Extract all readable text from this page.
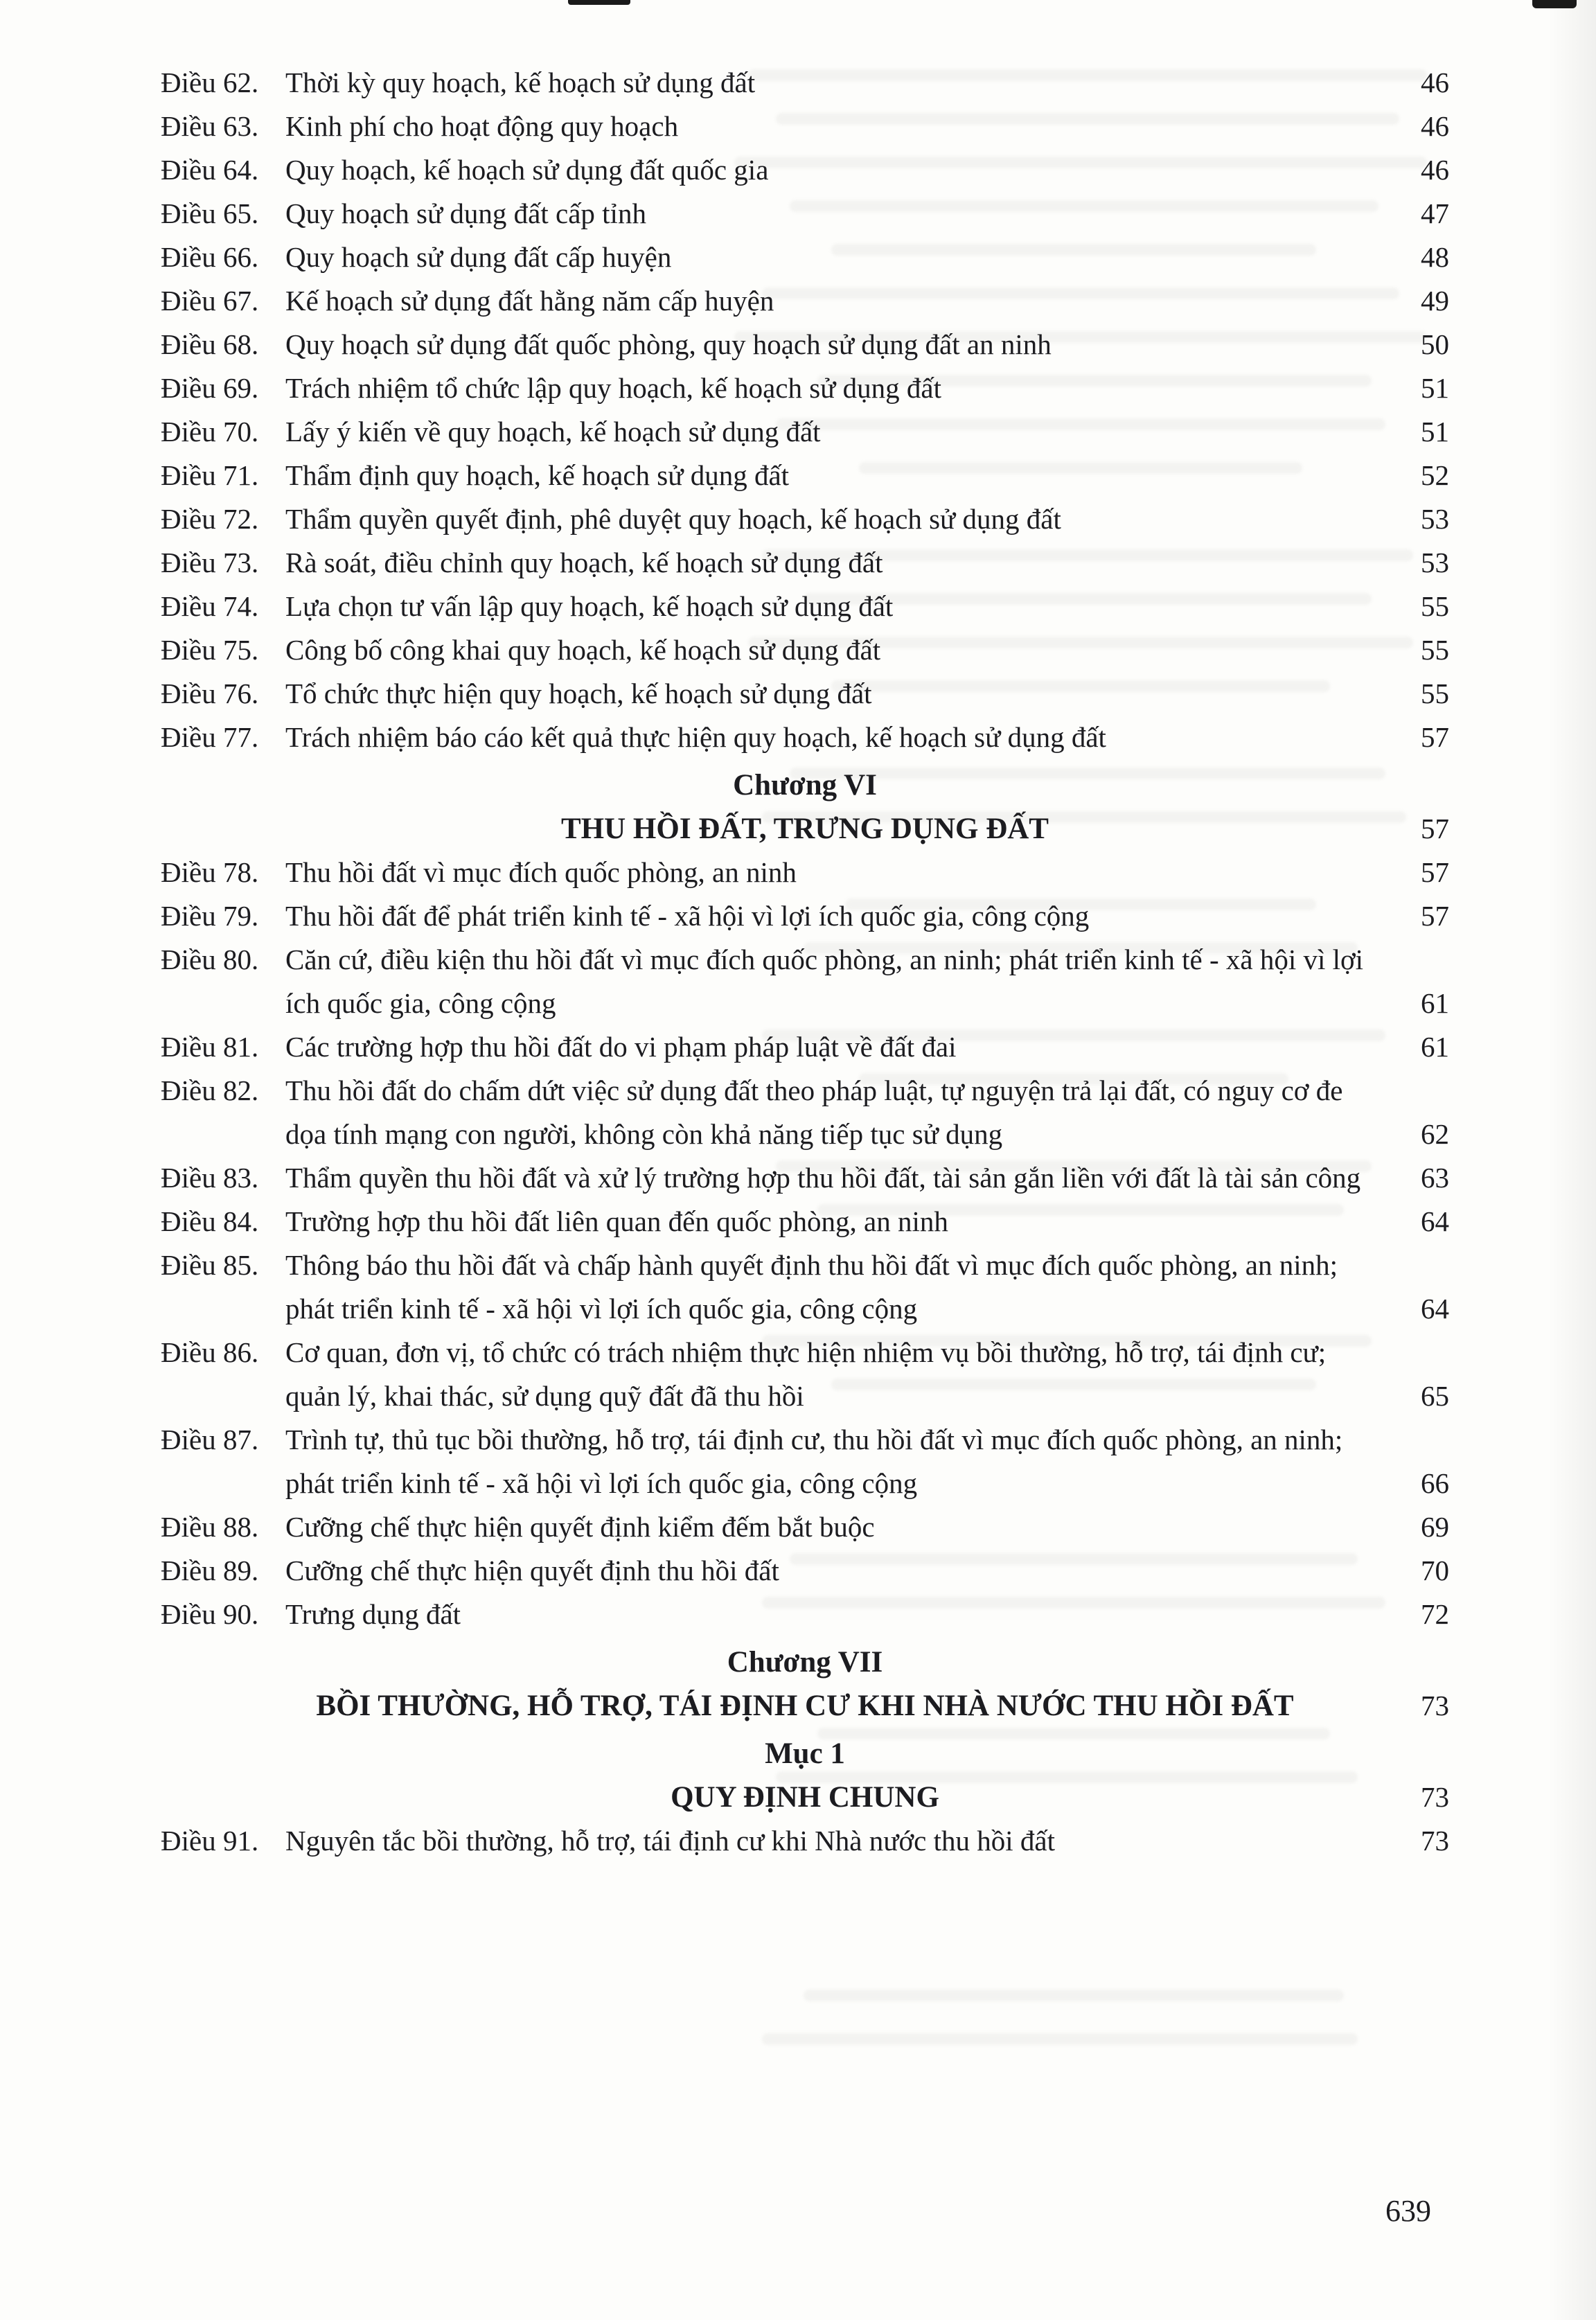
Điều 62. Thời kỳ quy hoạch, kế hoạch sử dụng đất	46
Điều 63. Kinh phí cho hoạt động quy hoạch	46
Điều 64. Quy hoạch, kế hoạch sử dụng đất quốc gia	46
Điều 65. Quy hoạch sử dụng đất cấp tỉnh	47
Điều 66. Quy hoạch sử dụng đất cấp huyện	48
Điều 67. Kế hoạch sử dụng đất hằng năm cấp huyện	49
Điều 68. Quy hoạch sử dụng đất quốc phòng, quy hoạch sử dụng đất an ninh	50
Điều 69. Trách nhiệm tổ chức lập quy hoạch, kế hoạch sử dụng đất	51
Điều 70. Lấy ý kiến về quy hoạch, kế hoạch sử dụng đất	51
Điều 71. Thẩm định quy hoạch, kế hoạch sử dụng đất	52
Điều 72. Thẩm quyền quyết định, phê duyệt quy hoạch, kế hoạch sử dụng đất	53
Điều 73. Rà soát, điều chỉnh quy hoạch, kế hoạch sử dụng đất	53
Điều 74. Lựa chọn tư vấn lập quy hoạch, kế hoạch sử dụng đất	55
Điều 75. Công bố công khai quy hoạch, kế hoạch sử dụng đất	55
Điều 76. Tổ chức thực hiện quy hoạch, kế hoạch sử dụng đất	55
Điều 77. Trách nhiệm báo cáo kết quả thực hiện quy hoạch, kế hoạch sử dụng đất	57
Chương VI
THU HỒI ĐẤT, TRƯNG DỤNG ĐẤT	57
Điều 78. Thu hồi đất vì mục đích quốc phòng, an ninh	57
Điều 79. Thu hồi đất để phát triển kinh tế - xã hội vì lợi ích quốc gia, công cộng	57
Điều 80. Căn cứ, điều kiện thu hồi đất vì mục đích quốc phòng, an ninh; phát triển kinh tế - xã hội vì lợi ích quốc gia, công cộng	61
Điều 81. Các trường hợp thu hồi đất do vi phạm pháp luật về đất đai	61
Điều 82. Thu hồi đất do chấm dứt việc sử dụng đất theo pháp luật, tự nguyện trả lại đất, có nguy cơ đe dọa tính mạng con người, không còn khả năng tiếp tục sử dụng	62
Điều 83. Thẩm quyền thu hồi đất và xử lý trường hợp thu hồi đất, tài sản gắn liền với đất là tài sản công	63
Điều 84. Trường hợp thu hồi đất liên quan đến quốc phòng, an ninh	64
Điều 85. Thông báo thu hồi đất và chấp hành quyết định thu hồi đất vì mục đích quốc phòng, an ninh; phát triển kinh tế - xã hội vì lợi ích quốc gia, công cộng	64
Điều 86. Cơ quan, đơn vị, tổ chức có trách nhiệm thực hiện nhiệm vụ bồi thường, hỗ trợ, tái định cư; quản lý, khai thác, sử dụng quỹ đất đã thu hồi	65
Điều 87. Trình tự, thủ tục bồi thường, hỗ trợ, tái định cư, thu hồi đất vì mục đích quốc phòng, an ninh; phát triển kinh tế - xã hội vì lợi ích quốc gia, công cộng	66
Điều 88. Cưỡng chế thực hiện quyết định kiểm đếm bắt buộc	69
Điều 89. Cưỡng chế thực hiện quyết định thu hồi đất	70
Điều 90. Trưng dụng đất	72
Chương VII
BỒI THƯỜNG, HỖ TRỢ, TÁI ĐỊNH CƯ KHI NHÀ NƯỚC THU HỒI ĐẤT	73
Mục 1
QUY ĐỊNH CHUNG	73
Điều 91. Nguyên tắc bồi thường, hỗ trợ, tái định cư khi Nhà nước thu hồi đất	73
639
